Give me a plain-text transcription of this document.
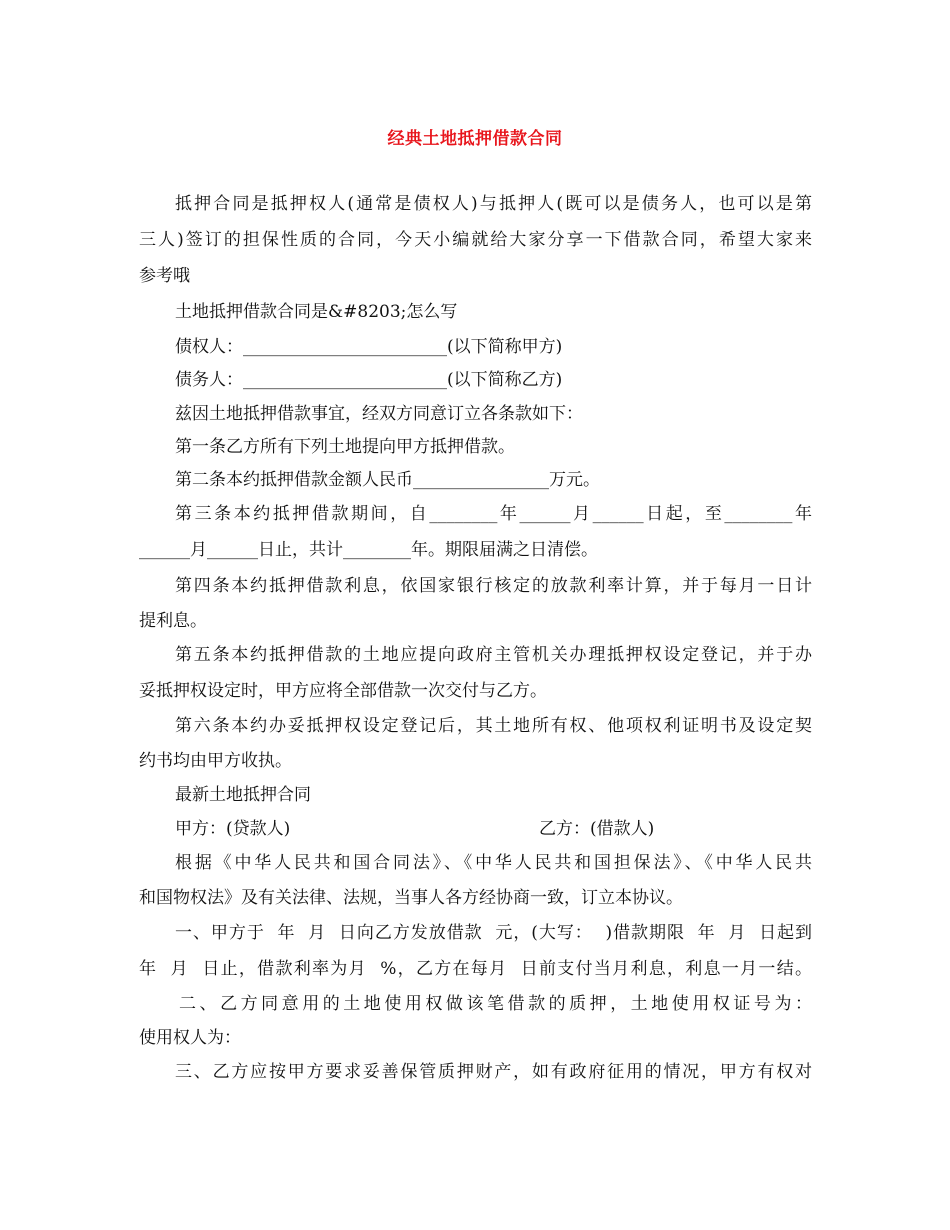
经典土地抵押借款合同
抵押合同是抵押权人(通常是债权人)与抵押人(既可以是债务人，也可以是第
三人)签订的担保性质的合同，今天小编就给大家分享一下借款合同，希望大家来
参考哦
土地抵押借款合同是&#8203;怎么写
债权人：________________________(以下简称甲方)
债务人：________________________(以下简称乙方)
兹因土地抵押借款事宜，经双方同意订立各条款如下：
第一条乙方所有下列土地提向甲方抵押借款。
第二条本约抵押借款金额人民币________________万元。
第三条本约抵押借款期间，自________年______月______日起，至________年
______月______日止，共计________年。期限届满之日清偿。
第四条本约抵押借款利息，依国家银行核定的放款利率计算，并于每月一日计
提利息。
第五条本约抵押借款的土地应提向政府主管机关办理抵押权设定登记，并于办
妥抵押权设定时，甲方应将全部借款一次交付与乙方。
第六条本约办妥抵押权设定登记后，其土地所有权、他项权利证明书及设定契
约书均由甲方收执。
最新土地抵押合同
甲方：(贷款人)	乙方：(借款人)
根据《中华人民共和国合同法》、《中华人民共和国担保法》、《中华人民共
和国物权法》及有关法律、法规，当事人各方经协商一致，订立本协议。
一、甲方于  年  月  日向乙方发放借款  元，(大写：  )借款期限  年  月  日起到
年  月  日止，借款利率为月  %，乙方在每月  日前支付当月利息，利息一月一结。
二、乙方同意用的土地使用权做该笔借款的质押，土地使用权证号为：
使用权人为：
三、乙方应按甲方要求妥善保管质押财产，如有政府征用的情况，甲方有权对
